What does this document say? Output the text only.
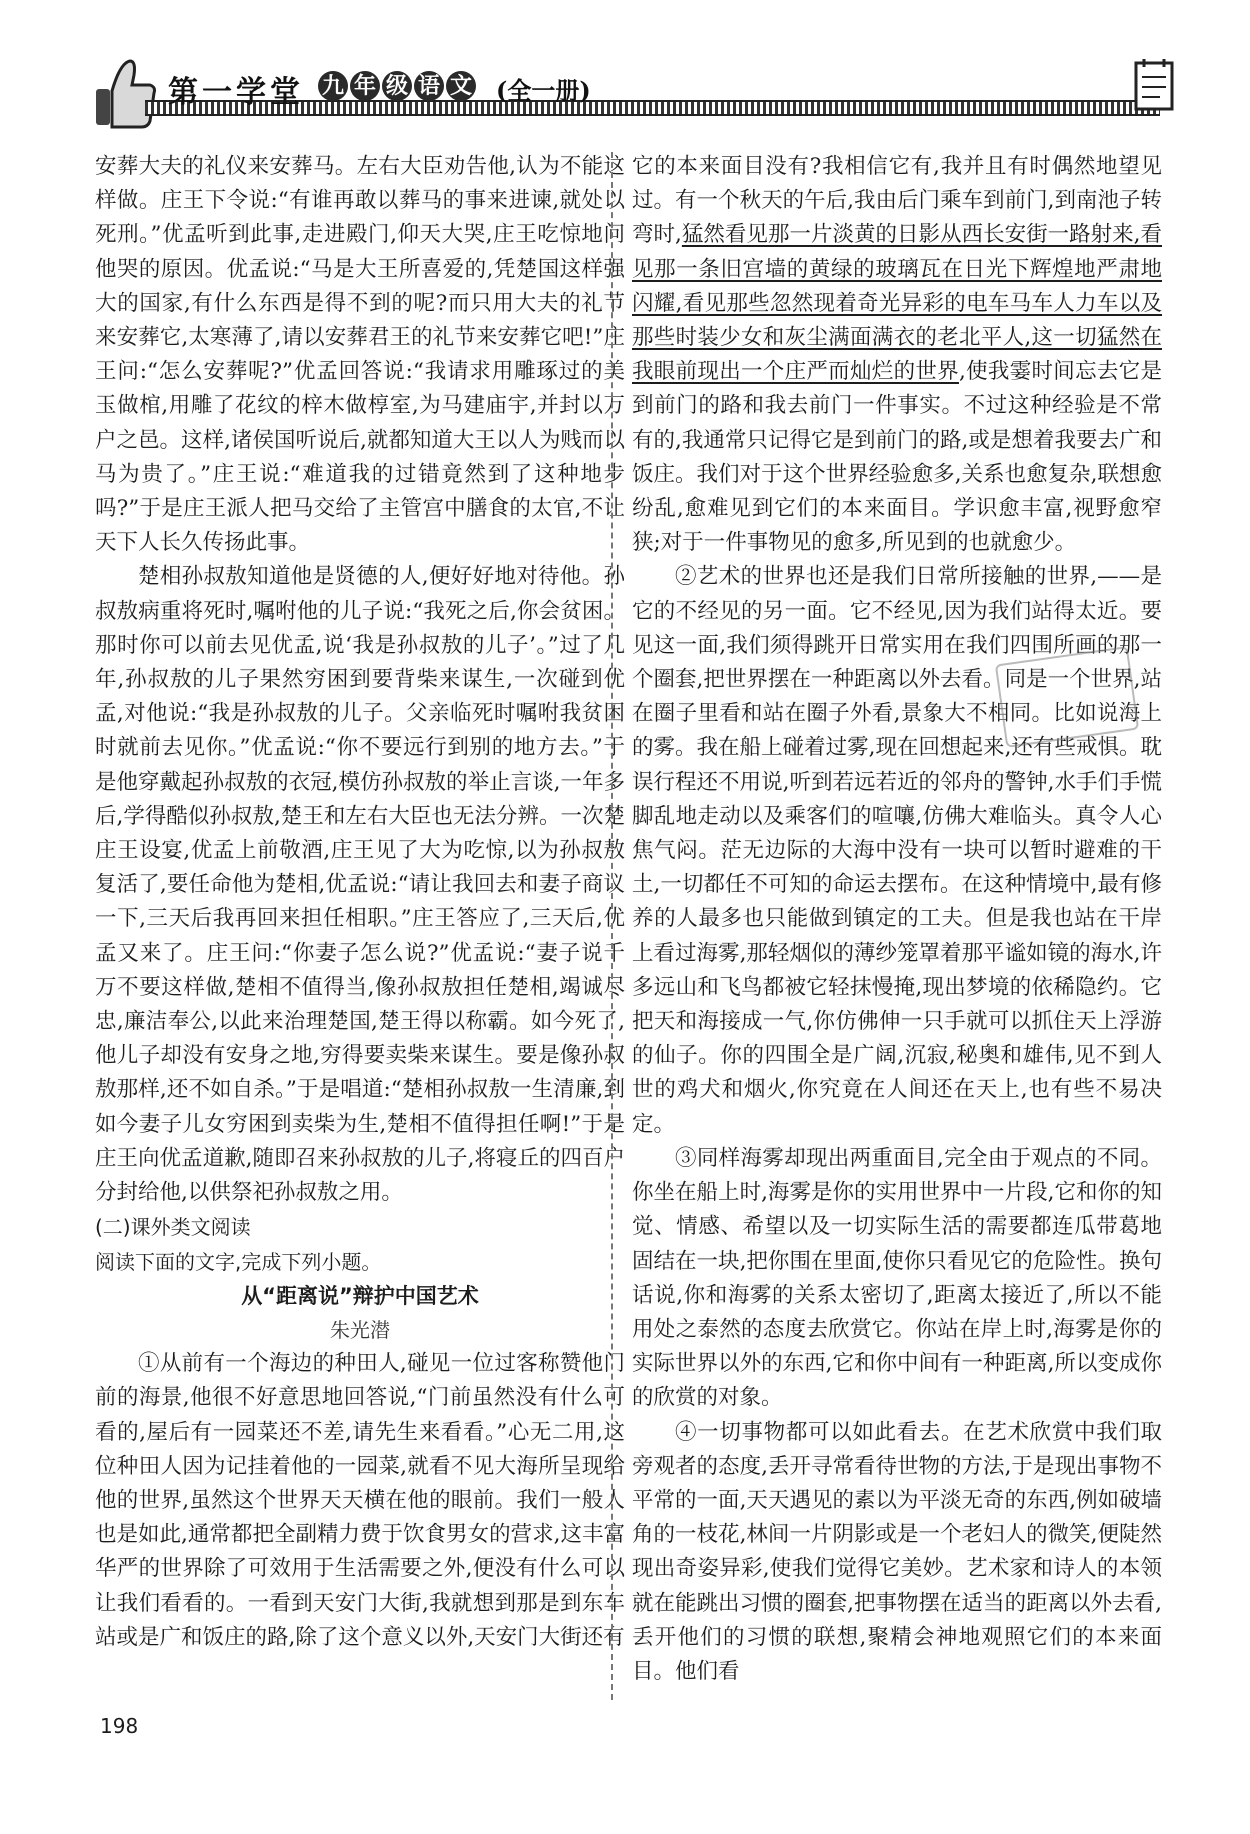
第一学堂 九 年 级 语 文 (全一册)

安葬大夫的礼仪来安葬马。左右大臣劝告他,认为不能这样做。庄王下令说:“有谁再敢以葬马的事来进谏,就处以死刑。”优孟听到此事,走进殿门,仰天大哭,庄王吃惊地问他哭的原因。优孟说:“马是大王所喜爱的,凭楚国这样强大的国家,有什么东西是得不到的呢?而只用大夫的礼节来安葬它,太寒薄了,请以安葬君王的礼节来安葬它吧!”庄王问:“怎么安葬呢?”优孟回答说:“我请求用雕琢过的美玉做棺,用雕了花纹的梓木做椁室,为马建庙宇,并封以万户之邑。这样,诸侯国听说后,就都知道大王以人为贱而以马为贵了。”庄王说:“难道我的过错竟然到了这种地步吗?”于是庄王派人把马交给了主管宫中膳食的太官,不让天下人长久传扬此事。

楚相孙叔敖知道他是贤德的人,便好好地对待他。孙叔敖病重将死时,嘱咐他的儿子说:“我死之后,你会贫困。那时你可以前去见优孟,说‘我是孙叔敖的儿子’。”过了几年,孙叔敖的儿子果然穷困到要背柴来谋生,一次碰到优孟,对他说:“我是孙叔敖的儿子。父亲临死时嘱咐我贫困时就前去见你。”优孟说:“你不要远行到别的地方去。”于是他穿戴起孙叔敖的衣冠,模仿孙叔敖的举止言谈,一年多后,学得酷似孙叔敖,楚王和左右大臣也无法分辨。一次楚庄王设宴,优孟上前敬酒,庄王见了大为吃惊,以为孙叔敖复活了,要任命他为楚相,优孟说:“请让我回去和妻子商议一下,三天后我再回来担任相职。”庄王答应了,三天后,优孟又来了。庄王问:“你妻子怎么说?”优孟说:“妻子说千万不要这样做,楚相不值得当,像孙叔敖担任楚相,竭诚尽忠,廉洁奉公,以此来治理楚国,楚王得以称霸。如今死了,他儿子却没有安身之地,穷得要卖柴来谋生。要是像孙叔敖那样,还不如自杀。”于是唱道:“楚相孙叔敖一生清廉,到如今妻子儿女穷困到卖柴为生,楚相不值得担任啊!”于是庄王向优孟道歉,随即召来孙叔敖的儿子,将寝丘的四百户分封给他,以供祭祀孙叔敖之用。

(二)课外类文阅读

阅读下面的文字,完成下列小题。

从“距离说”辩护中国艺术

朱光潜

①从前有一个海边的种田人,碰见一位过客称赞他门前的海景,他很不好意思地回答说,“门前虽然没有什么可看的,屋后有一园菜还不差,请先生来看看。”心无二用,这位种田人因为记挂着他的一园菜,就看不见大海所呈现给他的世界,虽然这个世界天天横在他的眼前。我们一般人也是如此,通常都把全副精力费于饮食男女的营求,这丰富华严的世界除了可效用于生活需要之外,便没有什么可以让我们看看的。一看到天安门大街,我就想到那是到东车站或是广和饭庄的路,除了这个意义以外,天安门大街还有

它的本来面目没有?我相信它有,我并且有时偶然地望见过。有一个秋天的午后,我由后门乘车到前门,到南池子转弯时,猛然看见那一片淡黄的日影从西长安街一路射来,看见那一条旧宫墙的黄绿的玻璃瓦在日光下辉煌地严肃地闪耀,看见那些忽然现着奇光异彩的电车马车人力车以及那些时装少女和灰尘满面满衣的老北平人,这一切猛然在我眼前现出一个庄严而灿烂的世界,使我霎时间忘去它是到前门的路和我去前门一件事实。不过这种经验是不常有的,我通常只记得它是到前门的路,或是想着我要去广和饭庄。我们对于这个世界经验愈多,关系也愈复杂,联想愈纷乱,愈难见到它们的本来面目。学识愈丰富,视野愈窄狭;对于一件事物见的愈多,所见到的也就愈少。

②艺术的世界也还是我们日常所接触的世界,——是它的不经见的另一面。它不经见,因为我们站得太近。要见这一面,我们须得跳开日常实用在我们四围所画的那一个圈套,把世界摆在一种距离以外去看。同是一个世界,站在圈子里看和站在圈子外看,景象大不相同。比如说海上的雾。我在船上碰着过雾,现在回想起来,还有些戒惧。耽误行程还不用说,听到若远若近的邻舟的警钟,水手们手慌脚乱地走动以及乘客们的喧嚷,仿佛大难临头。真令人心焦气闷。茫无边际的大海中没有一块可以暂时避难的干土,一切都任不可知的命运去摆布。在这种情境中,最有修养的人最多也只能做到镇定的工夫。但是我也站在干岸上看过海雾,那轻烟似的薄纱笼罩着那平谧如镜的海水,许多远山和飞鸟都被它轻抹慢掩,现出梦境的依稀隐约。它把天和海接成一气,你仿佛伸一只手就可以抓住天上浮游的仙子。你的四围全是广阔,沉寂,秘奥和雄伟,见不到人世的鸡犬和烟火,你究竟在人间还在天上,也有些不易决定。

③同样海雾却现出两重面目,完全由于观点的不同。你坐在船上时,海雾是你的实用世界中一片段,它和你的知觉、情感、希望以及一切实际生活的需要都连瓜带葛地固结在一块,把你围在里面,使你只看见它的危险性。换句话说,你和海雾的关系太密切了,距离太接近了,所以不能用处之泰然的态度去欣赏它。你站在岸上时,海雾是你的实际世界以外的东西,它和你中间有一种距离,所以变成你的欣赏的对象。

④一切事物都可以如此看去。在艺术欣赏中我们取旁观者的态度,丢开寻常看待世物的方法,于是现出事物不平常的一面,天天遇见的素以为平淡无奇的东西,例如破墙角的一枝花,林间一片阴影或是一个老妇人的微笑,便陡然现出奇姿异彩,使我们觉得它美妙。艺术家和诗人的本领就在能跳出习惯的圈套,把事物摆在适当的距离以外去看,丢开他们的习惯的联想,聚精会神地观照它们的本来面目。他们看

198
